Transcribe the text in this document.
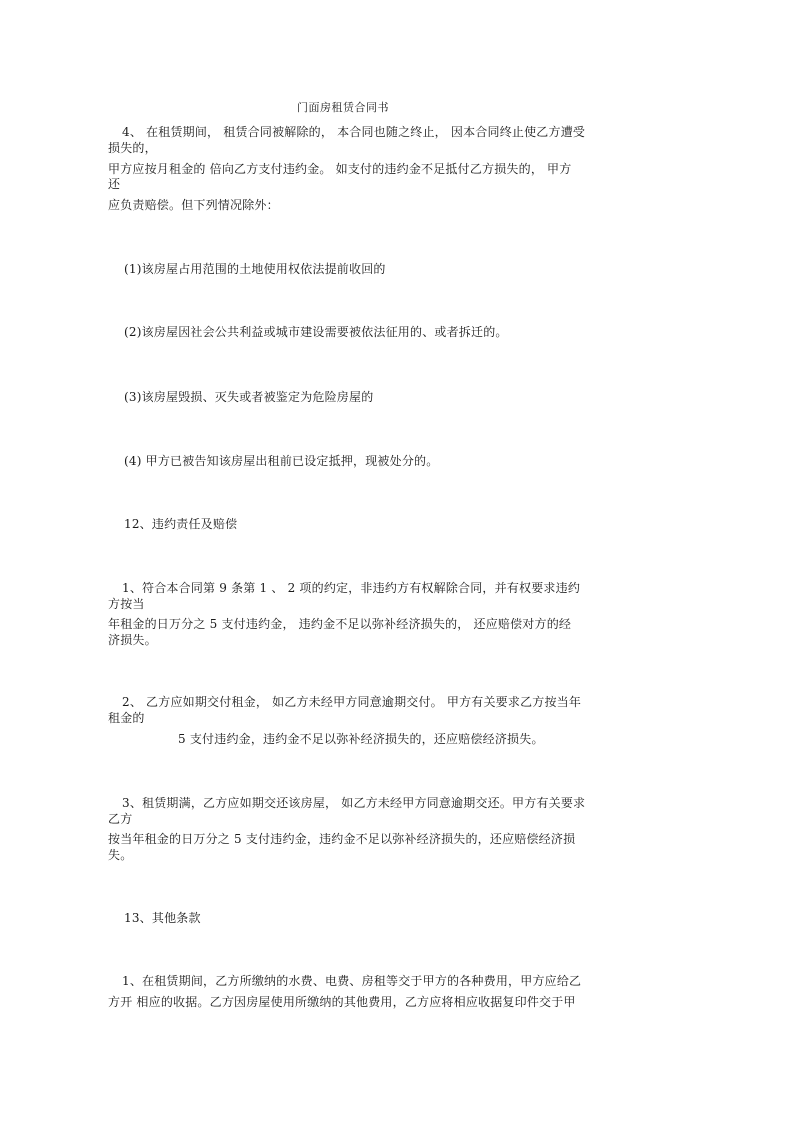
门面房租赁合同书
4、 在租赁期间， 租赁合同被解除的， 本合同也随之终止， 因本合同终止使乙方遭受
损失的，
甲方应按月租金的 倍向乙方支付违约金。 如支付的违约金不足抵付乙方损失的， 甲方
还
应负责赔偿。但下列情况除外：
(1)该房屋占用范围的土地使用权依法提前收回的
(2)该房屋因社会公共利益或城市建设需要被依法征用的、或者拆迁的。
(3)该房屋毁损、灭失或者被鉴定为危险房屋的
(4) 甲方已被告知该房屋出租前已设定抵押，现被处分的。
12、违约责任及赔偿
1、符合本合同第 9 条第 1 、 2 项的约定，非违约方有权解除合同，并有权要求违约
方按当
年租金的日万分之 5 支付违约金， 违约金不足以弥补经济损失的， 还应赔偿对方的经
济损失。
2、 乙方应如期交付租金， 如乙方未经甲方同意逾期交付。 甲方有关要求乙方按当年
租金的
5 支付违约金，违约金不足以弥补经济损失的，还应赔偿经济损失。
3、租赁期满，乙方应如期交还该房屋， 如乙方未经甲方同意逾期交还。甲方有关要求
乙方
按当年租金的日万分之 5 支付违约金，违约金不足以弥补经济损失的，还应赔偿经济损
失。
13、其他条款
1、在租赁期间，乙方所缴纳的水费、电费、房租等交于甲方的各种费用，甲方应给乙
方开 相应的收据。乙方因房屋使用所缴纳的其他费用，乙方应将相应收据复印件交于甲
